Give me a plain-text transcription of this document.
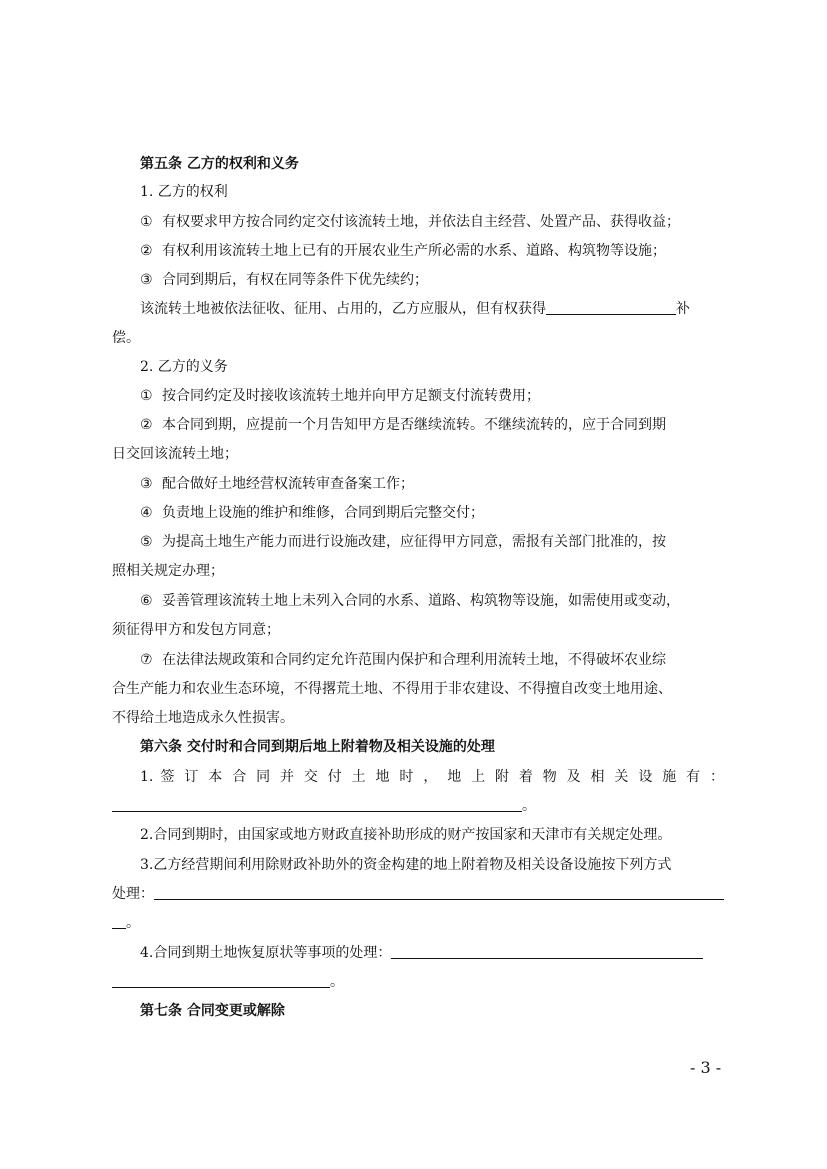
第五条 乙方的权利和义务
1. 乙方的权利
① 有权要求甲方按合同约定交付该流转土地，并依法自主经营、处置产品、获得收益；
② 有权利用该流转土地上已有的开展农业生产所必需的水系、道路、构筑物等设施；
③ 合同到期后，有权在同等条件下优先续约；
该流转土地被依法征收、征用、占用的，乙方应服从，但有权获得	补
偿。
2. 乙方的义务
① 按合同约定及时接收该流转土地并向甲方足额支付流转费用；
② 本合同到期，应提前一个月告知甲方是否继续流转。不继续流转的，应于合同到期
日交回该流转土地；
③ 配合做好土地经营权流转审查备案工作；
④ 负责地上设施的维护和维修，合同到期后完整交付；
⑤ 为提高土地生产能力而进行设施改建，应征得甲方同意，需报有关部门批准的，按
照相关规定办理；
⑥ 妥善管理该流转土地上未列入合同的水系、道路、构筑物等设施，如需使用或变动，
须征得甲方和发包方同意；
⑦ 在法律法规政策和合同约定允许范围内保护和合理利用流转土地，不得破坏农业综
合生产能力和农业生态环境，不得撂荒土地、不得用于非农建设、不得擅自改变土地用途、
不得给土地造成永久性损害。
第六条 交付时和合同到期后地上附着物及相关设施的处理
1. 签 订 本 合 同 并 交 付 土 地 时 ， 地 上 附 着 物 及 相 关 设 施 有 ：
。
2.合同到期时，由国家或地方财政直接补助形成的财产按国家和天津市有关规定处理。
3.乙方经营期间利用除财政补助外的资金构建的地上附着物及相关设备设施按下列方式
处理：
。
4.合同到期土地恢复原状等事项的处理：
。
第七条 合同变更或解除
- 3 -
